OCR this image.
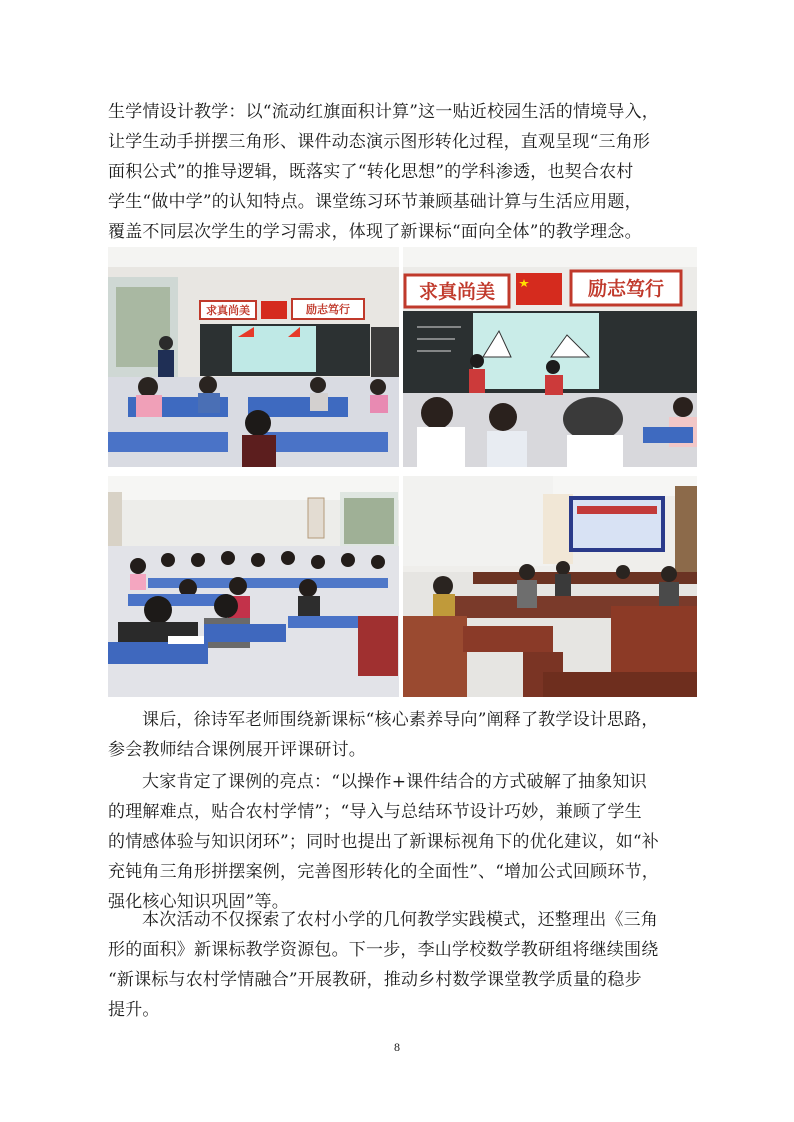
生学情设计教学：以“流动红旗面积计算”这一贴近校园生活的情境导入，
让学生动手拼摆三角形、课件动态演示图形转化过程，直观呈现“三角形
面积公式”的推导逻辑，既落实了“转化思想”的学科渗透，也契合农村
学生“做中学”的认知特点。课堂练习环节兼顾基础计算与生活应用题，
覆盖不同层次学生的学习需求，体现了新课标“面向全体”的教学理念。
求真尚美	励志笃行
求真尚美	励志笃行
课后，徐诗军老师围绕新课标“核心素养导向”阐释了教学设计思路，
参会教师结合课例展开评课研讨。
大家肯定了课例的亮点：“以操作+课件结合的方式破解了抽象知识
的理解难点，贴合农村学情”；“导入与总结环节设计巧妙，兼顾了学生
的情感体验与知识闭环”；同时也提出了新课标视角下的优化建议，如“补
充钝角三角形拼摆案例，完善图形转化的全面性”、“增加公式回顾环节，
强化核心知识巩固”等。
本次活动不仅探索了农村小学的几何教学实践模式，还整理出《三角
形的面积》新课标教学资源包。下一步，李山学校数学教研组将继续围绕
“新课标与农村学情融合”开展教研，推动乡村数学课堂教学质量的稳步
提升。
8
